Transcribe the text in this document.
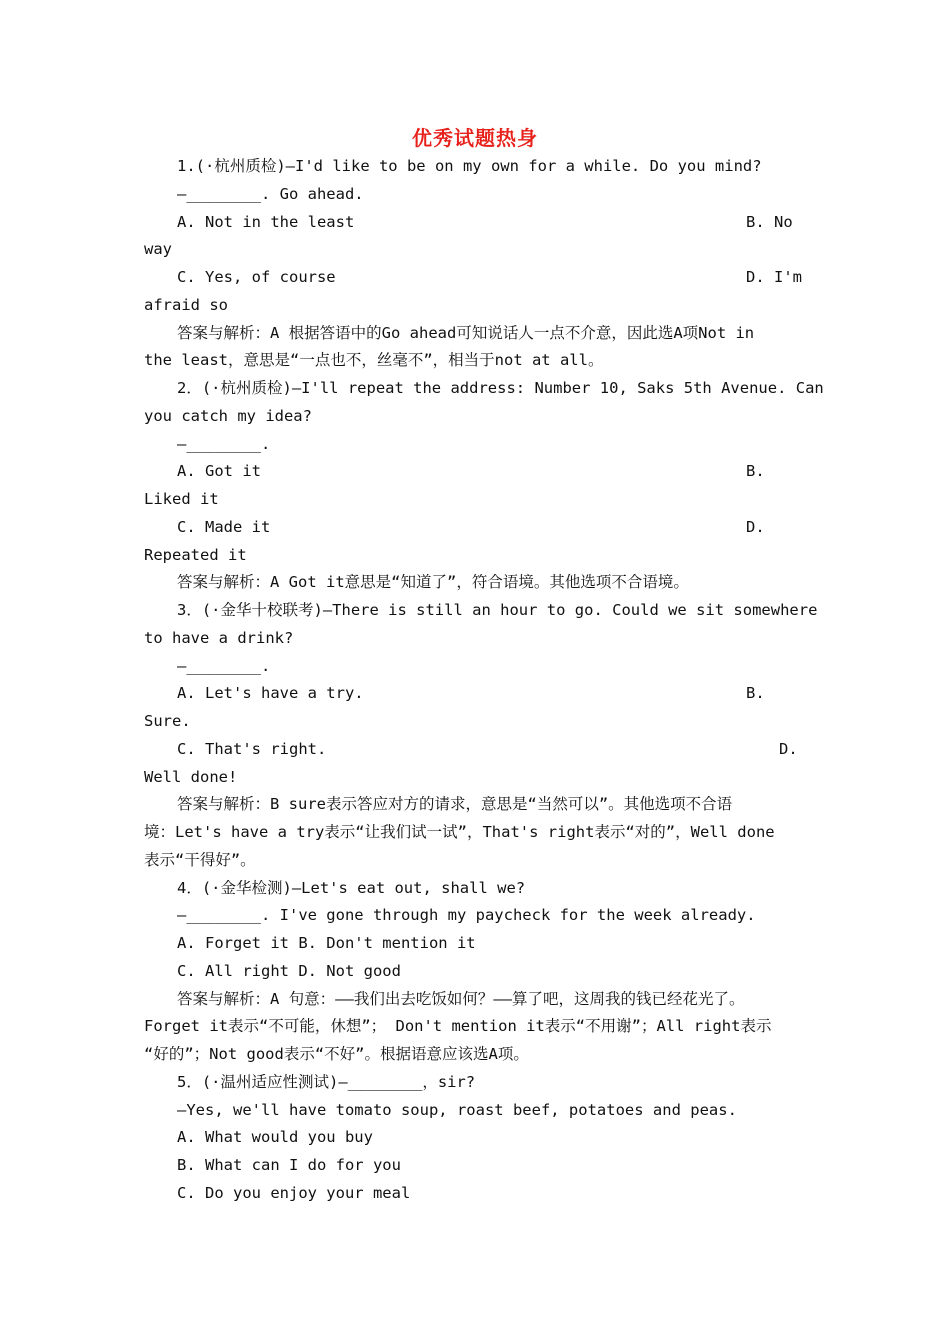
优秀试题热身
1.(·杭州质检)—I'd like to be on my own for a while. Do you mind?
—________. Go ahead.
A. Not in the least	B. No
way
C. Yes, of course	D. I'm
afraid so
答案与解析：A 根据答语中的Go ahead可知说话人一点不介意，因此选A项Not in
the least，意思是“一点也不，丝毫不”，相当于not at all。
2．(·杭州质检)—I'll repeat the address: Number 10, Saks 5th Avenue. Can
you catch my idea?
—________.
A. Got it	B.
Liked it
C. Made it	D.
Repeated it
答案与解析：A Got it意思是“知道了”，符合语境。其他选项不合语境。
3．(·金华十校联考)—There is still an hour to go. Could we sit somewhere
to have a drink?
—________.
A. Let's have a try.	B.
Sure.
C. That's right.	D.
Well done!
答案与解析：B sure表示答应对方的请求，意思是“当然可以”。其他选项不合语
境：Let's have a try表示“让我们试一试”，That's right表示“对的”，Well done
表示“干得好”。
4．(·金华检测)—Let's eat out, shall we?
—________. I've gone through my paycheck for the week already.
A. Forget it B. Don't mention it
C. All right D. Not good
答案与解析：A 句意：——我们出去吃饭如何？——算了吧，这周我的钱已经花光了。
Forget it表示“不可能，休想”； Don't mention it表示“不用谢”；All right表示
“好的”；Not good表示“不好”。根据语意应该选A项。
5．(·温州适应性测试)—________，sir?
—Yes, we'll have tomato soup, roast beef, potatoes and peas.
A. What would you buy
B. What can I do for you
C. Do you enjoy your meal
